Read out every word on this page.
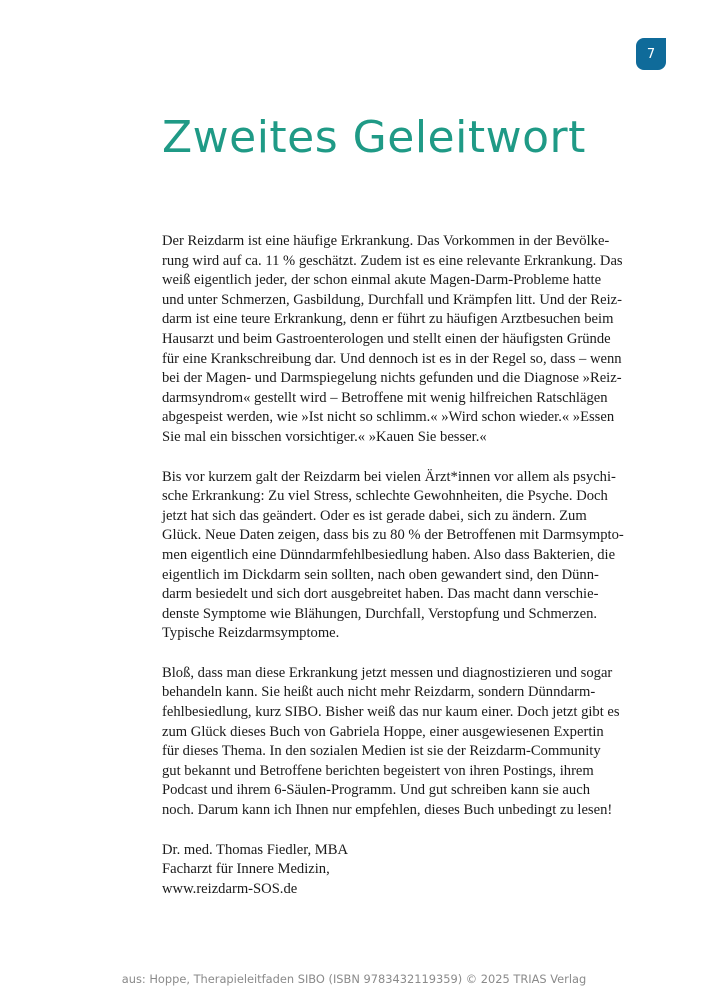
7
Zweites Geleitwort

Der Reizdarm ist eine häufige Erkrankung. Das Vorkommen in der Bevölke-
rung wird auf ca. 11 % geschätzt. Zudem ist es eine relevante Erkrankung. Das
weiß eigentlich jeder, der schon einmal akute Magen-Darm-Probleme hatte
und unter Schmerzen, Gasbildung, Durchfall und Krämpfen litt. Und der Reiz-
darm ist eine teure Erkrankung, denn er führt zu häufigen Arztbesuchen beim
Hausarzt und beim Gastroenterologen und stellt einen der häufigsten Gründe
für eine Krankschreibung dar. Und dennoch ist es in der Regel so, dass – wenn
bei der Magen- und Darmspiegelung nichts gefunden und die Diagnose »Reiz-
darmsyndrom« gestellt wird – Betroffene mit wenig hilfreichen Ratschlägen
abgespeist werden, wie »Ist nicht so schlimm.« »Wird schon wieder.« »Essen
Sie mal ein bisschen vorsichtiger.« »Kauen Sie besser.«

Bis vor kurzem galt der Reizdarm bei vielen Ärzt*innen vor allem als psychi-
sche Erkrankung: Zu viel Stress, schlechte Gewohnheiten, die Psyche. Doch
jetzt hat sich das geändert. Oder es ist gerade dabei, sich zu ändern. Zum
Glück. Neue Daten zeigen, dass bis zu 80 % der Betroffenen mit Darmsympto-
men eigentlich eine Dünndarmfehlbesiedlung haben. Also dass Bakterien, die
eigentlich im Dickdarm sein sollten, nach oben gewandert sind, den Dünn-
darm besiedelt und sich dort ausgebreitet haben. Das macht dann verschie-
denste Symptome wie Blähungen, Durchfall, Verstopfung und Schmerzen.
Typische Reizdarmsymptome.

Bloß, dass man diese Erkrankung jetzt messen und diagnostizieren und sogar
behandeln kann. Sie heißt auch nicht mehr Reizdarm, sondern Dünndarm-
fehlbesiedlung, kurz SIBO. Bisher weiß das nur kaum einer. Doch jetzt gibt es
zum Glück dieses Buch von Gabriela Hoppe, einer ausgewiesenen Expertin
für dieses Thema. In den sozialen Medien ist sie der Reizdarm-Community
gut bekannt und Betroffene berichten begeistert von ihren Postings, ihrem
Podcast und ihrem 6-Säulen-Programm. Und gut schreiben kann sie auch
noch. Darum kann ich Ihnen nur empfehlen, dieses Buch unbedingt zu lesen!

Dr. med. Thomas Fiedler, MBA
Facharzt für Innere Medizin,
www.reizdarm-SOS.de

aus: Hoppe, Therapieleitfaden SIBO (ISBN 9783432119359) © 2025 TRIAS Verlag
